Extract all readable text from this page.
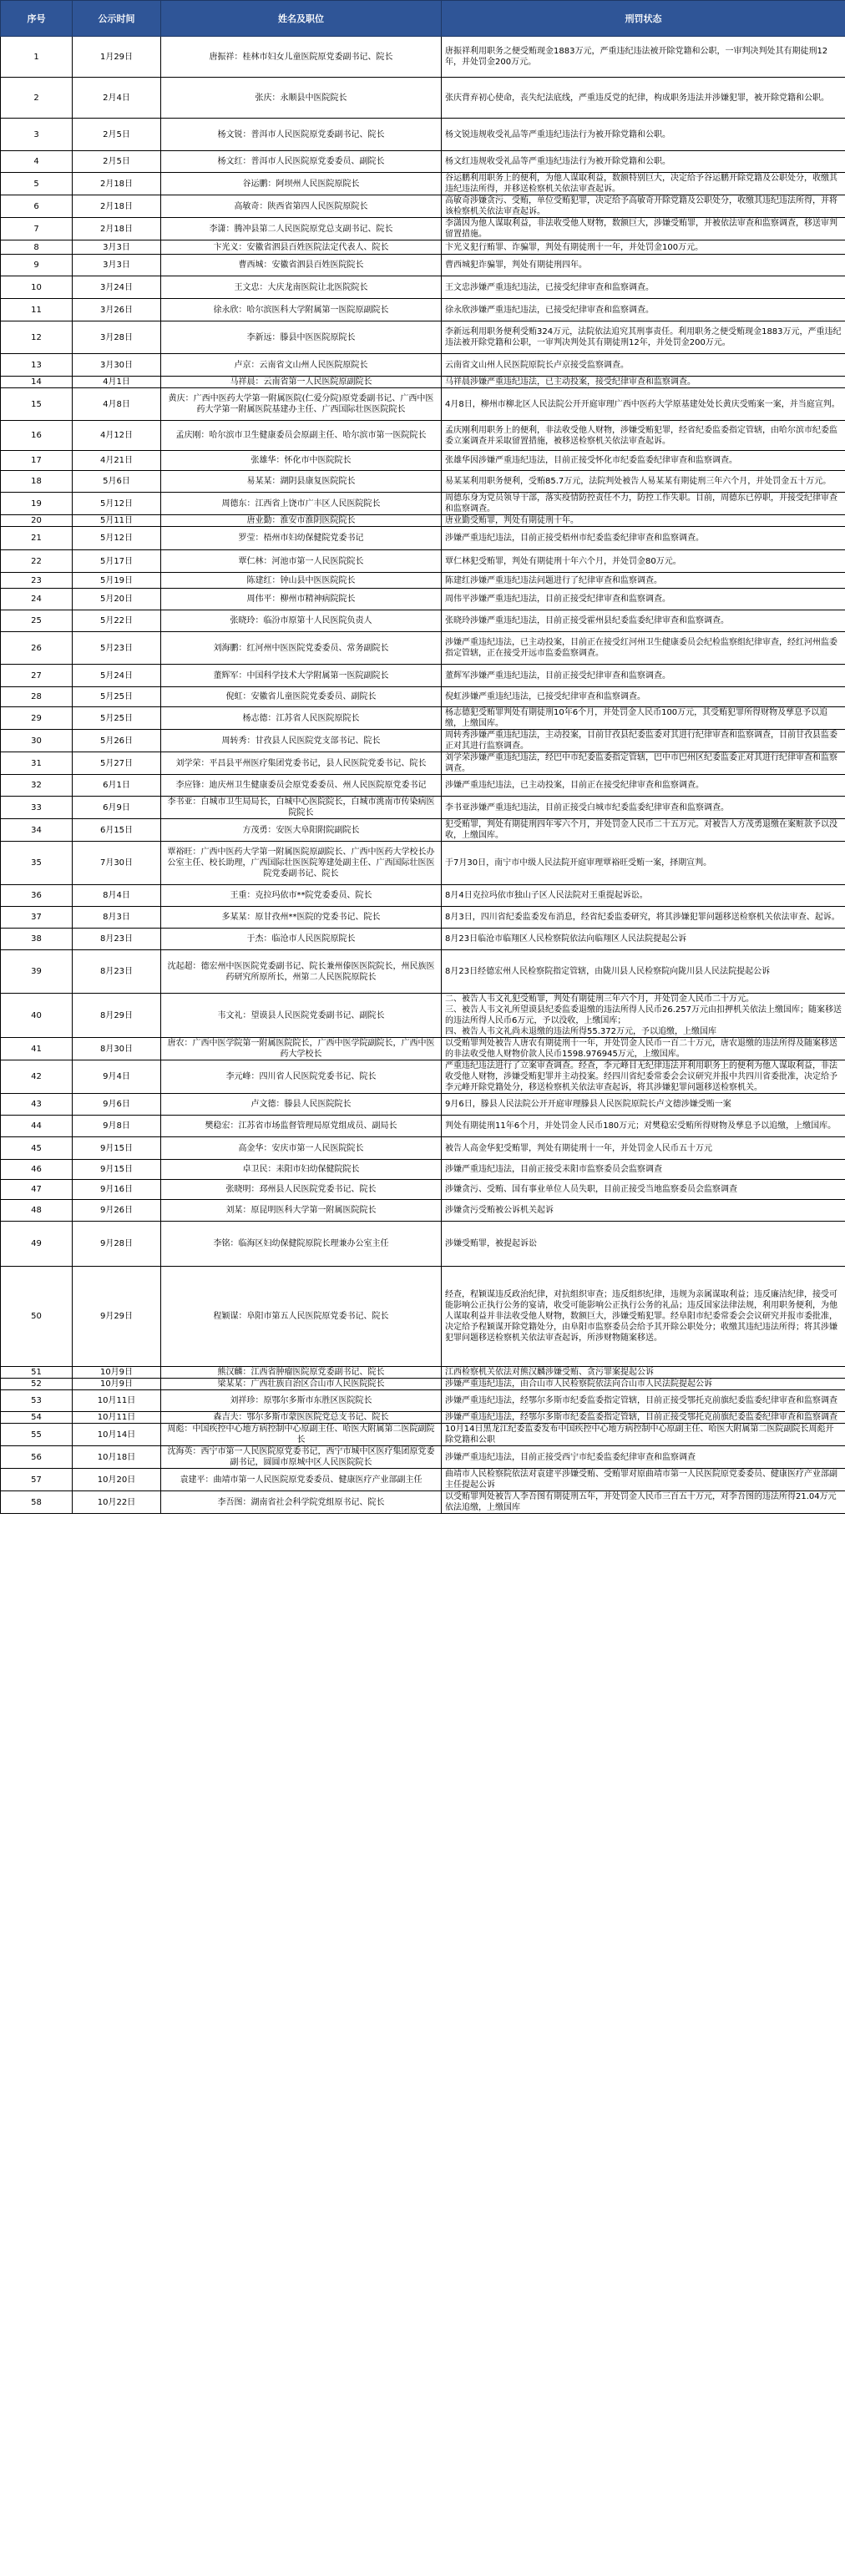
序号	公示时间	姓名及职位	刑罚状态
1	1月29日	唐振祥：桂林市妇女儿童医院原党委副书记、院长	唐振祥利用职务之便受贿现金1883万元，严重违纪违法被开除党籍和公职，一审判决判处其有期徒刑12年，并处罚金200万元。
2	2月4日	张庆：永顺县中医院院长	张庆背弃初心使命，丧失纪法底线，严重违反党的纪律，构成职务违法并涉嫌犯罪，被开除党籍和公职。
3	2月5日	杨文锐：普洱市人民医院原党委副书记、院长	杨文锐违规收受礼品等严重违纪违法行为被开除党籍和公职。
4	2月5日	杨文红：普洱市人民医院原党委委员、副院长	杨文红违规收受礼品等严重违纪违法行为被开除党籍和公职。
5	2月18日	谷运鹏：阿坝州人民医院原院长	谷运鹏利用职务上的便利，为他人谋取利益，数额特别巨大，决定给予谷运鹏开除党籍及公职处分，收缴其违纪违法所得，并移送检察机关依法审查起诉。
6	2月18日	高敏奇：陕西省第四人民医院原院长	高敏奇涉嫌贪污、受贿，单位受贿犯罪，决定给予高敏奇开除党籍及公职处分，收缴其违纪违法所得，并将该检察机关依法审查起诉。
7	2月18日	李潇：腾冲县第二人民医院原党总支副书记、院长	李潇因为他人谋取利益，非法收受他人财物，数额巨大，涉嫌受贿罪，并被依法审查和监察调查，移送审判留置措施。
8	3月3日	卞光义：安徽省泗县百姓医院法定代表人、院长	卞光义犯行贿罪、诈骗罪，判处有期徒刑十一年，并处罚金100万元。
9	3月3日	曹西城：安徽省泗县百姓医院院长	曹西城犯诈骗罪，判处有期徒刑四年。
10	3月24日	王文忠：大庆龙南医院让北医院院长	王文忠涉嫌严重违纪违法，已接受纪律审查和监察调查。
11	3月26日	徐永欣：哈尔滨医科大学附属第一医院原副院长	徐永欣涉嫌严重违纪违法，已接受纪律审查和监察调查。
12	3月28日	李新远：滕县中医医院原院长	李新远利用职务便利受贿324万元，法院依法追究其刑事责任。利用职务之便受贿现金1883万元，严重违纪违法被开除党籍和公职，一审判决判处其有期徒刑12年，并处罚金200万元。
13	3月30日	卢京：云南省文山州人民医院原院长	云南省文山州人民医院原院长卢京接受监察调查。
14	4月1日	马祥晨：云南省第一人民医院原副院长	马祥晨涉嫌严重违纪违法，已主动投案，接受纪律审查和监察调查。
15	4月8日	黄庆：广西中医药大学第一附属医院(仁爱分院)原党委副书记、广西中医药大学第一附属医院基建办主任、广西国际壮医医院院长	4月8日，柳州市柳北区人民法院公开开庭审理广西中医药大学原基建处处长黄庆受贿案一案，并当庭宣判。
16	4月12日	孟庆刚：哈尔滨市卫生健康委员会原副主任、哈尔滨市第一医院院长	孟庆刚利用职务上的便利，非法收受他人财物，涉嫌受贿犯罪，经省纪委监委指定管辖，由哈尔滨市纪委监委立案调查并采取留置措施，被移送检察机关依法审查起诉。
17	4月21日	张雄华：怀化市中医院院长	张雄华因涉嫌严重违纪违法，目前正接受怀化市纪委监委纪律审查和监察调查。
18	5月6日	易某某：湖阴县康复医院院长	易某某利用职务便利，受贿85.7万元，法院判处被告人易某某有期徒刑三年六个月，并处罚金五十万元。
19	5月12日	周德东：江西省上饶市广丰区人民医院院长	周德东身为党员领导干部，落实疫情防控责任不力，防控工作失职。目前，周德东已停职，并接受纪律审查和监察调查。
20	5月11日	唐业勤：淮安市淮阴医院院长	唐业勤受贿罪，判处有期徒刑十年。
21	5月12日	罗莹：梧州市妇幼保健院党委书记	涉嫌严重违纪违法，目前正接受梧州市纪委监委纪律审查和监察调查。
22	5月17日	覃仁林：河池市第一人民医院院长	覃仁林犯受贿罪，判处有期徒刑十年六个月，并处罚金80万元。
23	5月19日	陈建红：钟山县中医医院院长	陈建红涉嫌严重违纪违法问题进行了纪律审查和监察调查。
24	5月20日	周伟平：柳州市精神病院院长	周伟平涉嫌严重违纪违法，目前正接受纪律审查和监察调查。
25	5月22日	张晓玲：临汾市原第十人民医院负责人	张晓玲涉嫌严重违纪违法，目前正接受霍州县纪委监委纪律审查和监察调查。
26	5月23日	刘海鹏：红河州中医医院党委委员、常务副院长	涉嫌严重违纪违法，已主动投案，目前正在接受红河州卫生健康委员会纪检监察组纪律审查，经红河州监委指定管辖，正在接受开远市监委监察调查。
27	5月24日	董辉军：中国科学技术大学附属第一医院副院长	董辉军涉嫌严重违纪违法，目前正接受纪律审查和监察调查。
28	5月25日	倪虹：安徽省儿童医院党委委员、副院长	倪虹涉嫌严重违纪违法，已接受纪律审查和监察调查。
29	5月25日	杨志德：江苏省人民医院原院长	杨志德犯受贿罪判处有期徒刑10年6个月，并处罚金人民币100万元，其受贿犯罪所得财物及孳息予以追缴，上缴国库。
30	5月26日	周转秀：甘孜县人民医院党支部书记、院长	周转秀涉嫌严重违纪违法，主动投案，目前甘孜县纪委监委对其进行纪律审查和监察调查，目前甘孜县监委正对其进行监察调查。
31	5月27日	刘学荣：平昌县平州医疗集团党委书记，县人民医院党委书记、院长	刘学荣涉嫌严重违纪违法，经巴中市纪委监委指定管辖，巴中市巴州区纪委监委正对其进行纪律审查和监察调查。
32	6月1日	李应锋：迪庆州卫生健康委员会原党委委员、州人民医院原党委书记	涉嫌严重违纪违法，已主动投案，目前正在接受纪律审查和监察调查。
33	6月9日	李书亚：白城市卫生局局长，白城中心医院院长，白城市洮南市传染病医院院长	李书亚涉嫌严重违纪违法，目前正接受白城市纪委监委纪律审查和监察调查。
34	6月15日	方茂勇：安医大阜阳附院副院长	犯受贿罪，判处有期徒刑四年零六个月，并处罚金人民币二十五万元。对被告人方茂勇退缴在案赃款予以没收，上缴国库。
35	7月30日	覃裕旺：广西中医药大学第一附属医院原副院长、广西中医药大学校长办公室主任、校长助理，广西国际壮医医院筹建处副主任、广西国际壮医医院党委副书记、院长	于7月30日，南宁市中级人民法院开庭审理覃裕旺受贿一案，择期宣判。
36	8月4日	王重：克拉玛依市**院党委委员、院长	8月4日克拉玛依市独山子区人民法院对王重提起诉讼。
37	8月3日	多某某：原甘孜州**医院的党委书记、院长	8月3日，四川省纪委监委发布消息，经省纪委监委研究，将其涉嫌犯罪问题移送检察机关依法审查、起诉。
38	8月23日	于杰：临沧市人民医院原院长	8月23日临沧市临翔区人民检察院依法向临翔区人民法院提起公诉
39	8月23日	沈起超：德宏州中医医院党委副书记、院长兼州傣医医院院长，州民族医药研究所原所长，州第二人民医院原院长	8月23日经德宏州人民检察院指定管辖，由陇川县人民检察院向陇川县人民法院提起公诉
40	8月29日	韦文礼：望谟县人民医院党委副书记、副院长	二、被告人韦文礼犯受贿罪，判处有期徒刑三年六个月，并处罚金人民币二十万元。
三、被告人韦文礼所望谟县纪委监委退缴的违法所得人民币26.257万元由扣押机关依法上缴国库；随案移送的违法所得人民币6万元，予以没收，上缴国库；
四、被告人韦文礼尚未退缴的违法所得55.372万元，予以追缴，上缴国库
41	8月30日	唐农：广西中医学院第一附属医院院长，广西中医学院副院长，广西中医药大学校长	以受贿罪判处被告人唐农有期徒刑十一年，并处罚金人民币一百二十万元，唐农退缴的违法所得及随案移送的非法收受他人财物价款人民币1598.976945万元，上缴国库。
42	9月4日	李元峰：四川省人民医院党委书记、院长	严重违纪违法进行了立案审查调查。经查，李元峰目无纪律违法并利用职务上的便利为他人谋取利益，非法收受他人财物，涉嫌受贿犯罪并主动投案。经四川省纪委常委会会议研究并报中共四川省委批准，决定给予李元峰开除党籍处分，移送检察机关依法审查起诉，将其涉嫌犯罪问题移送检察机关。
43	9月6日	卢文德：滕县人民医院院长	9月6日，滕县人民法院公开开庭审理滕县人民医院原院长卢文德涉嫌受贿一案
44	9月8日	樊稳宏：江苏省市场监督管理局原党组成员、副局长	判处有期徒刑11年6个月，并处罚金人民币180万元；对樊稳宏受贿所得财物及孳息予以追缴，上缴国库。
45	9月15日	高金华：安庆市第一人民医院院长	被告人高金华犯受贿罪，判处有期徒刑十一年，并处罚金人民币五十万元
46	9月15日	卓卫民：耒阳市妇幼保健院院长	涉嫌严重违纪违法，目前正接受耒阳市监察委员会监察调查
47	9月16日	张晓明：邳州县人民医院党委书记、院长	涉嫌贪污、受贿、国有事业单位人员失职，目前正接受当地监察委员会监察调查
48	9月26日	刘某：原昆明医科大学第一附属医院院长	涉嫌贪污受贿被公诉机关起诉
49	9月28日	李铭：临海区妇幼保健院原院长理兼办公室主任	涉嫌受贿罪，被提起诉讼
50	9月29日	程颖谋：阜阳市第五人民医院原党委书记、院长	经查，程颖谋违反政治纪律，对抗组织审查；违反组织纪律，违规为亲属谋取利益；违反廉洁纪律，接受可能影响公正执行公务的宴请，收受可能影响公正执行公务的礼品；违反国家法律法规，利用职务便利，为他人谋取利益并非法收受他人财物，数额巨大，涉嫌受贿犯罪。经阜阳市纪委常委会会议研究并报市委批准，决定给予程颖谋开除党籍处分，由阜阳市监察委员会给予其开除公职处分；收缴其违纪违法所得；将其涉嫌犯罪问题移送检察机关依法审查起诉，所涉财物随案移送。
51	10月9日	熊汉麟：江西省肿瘤医院原党委副书记、院长	江西检察机关依法对熊汉麟涉嫌受贿、贪污罪案提起公诉
52	10月9日	梁某某：广西壮族自治区合山市人民医院院长	涉嫌严重违纪违法，由合山市人民检察院依法向合山市人民法院提起公诉
53	10月11日	刘祥珍：原鄂尔多斯市东胜区医院院长	涉嫌严重违纪违法，经鄂尔多斯市纪委监委指定管辖，目前正接受鄂托克前旗纪委监委纪律审查和监察调查
54	10月11日	森吉夫：鄂尔多斯市蒙医医院党总支书记、院长	涉嫌严重违纪违法，经鄂尔多斯市纪委监委指定管辖，目前正接受鄂托克前旗纪委监委纪律审查和监察调查
55	10月14日	周彪：中国疾控中心地方病控制中心原副主任、哈医大附属第二医院副院长	10月14日黑龙江纪委监委发布中国疾控中心地方病控制中心原副主任、哈医大附属第二医院副院长周彪开除党籍和公职
56	10月18日	沈海英：西宁市第一人民医院原党委书记，西宁市城中区医疗集团原党委副书记，圆圆市原城中区人民医院院长	涉嫌严重违纪违法，目前正接受西宁市纪委监委纪律审查和监察调查
57	10月20日	袁建平：曲靖市第一人民医院原党委委员、健康医疗产业部副主任	曲靖市人民检察院依法对袁建平涉嫌受贿、受贿罪对原曲靖市第一人民医院原党委委员、健康医疗产业部副主任提起公诉
58	10月22日	李吾图：湖南省社会科学院党组原书记、院长	以受贿罪判处被告人李吾图有期徒刑五年，并处罚金人民币三百五十万元，对李吾图的违法所得21.04万元依法追缴，上缴国库
